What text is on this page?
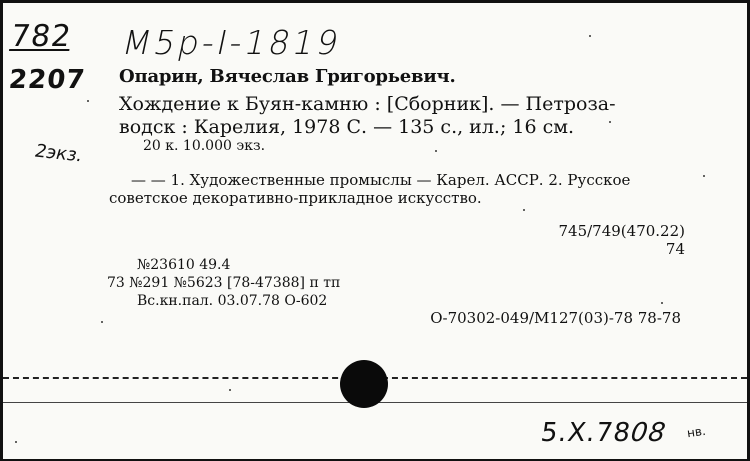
782 М5р-I-1819
2207
2экз.
Опарин, Вячеслав Григорьевич.
Хождение к Буян-камню : [Сборник]. — Петроза-
водск : Карелия, 1978 С. — 135 с., ил.; 16 см.
20 к. 10.000 экз.
— — 1. Художественные промыслы — Карел. АССР. 2. Русское
советское декоративно-прикладное искусство.
745/749(470.22)
74
№23610 49.4
73 №291 №5623 [78-47388] п тп
Вс.кн.пал. 03.07.78 О-602
О-70302-049/М127(03)-78 78-78
5.X.7808 нв.
